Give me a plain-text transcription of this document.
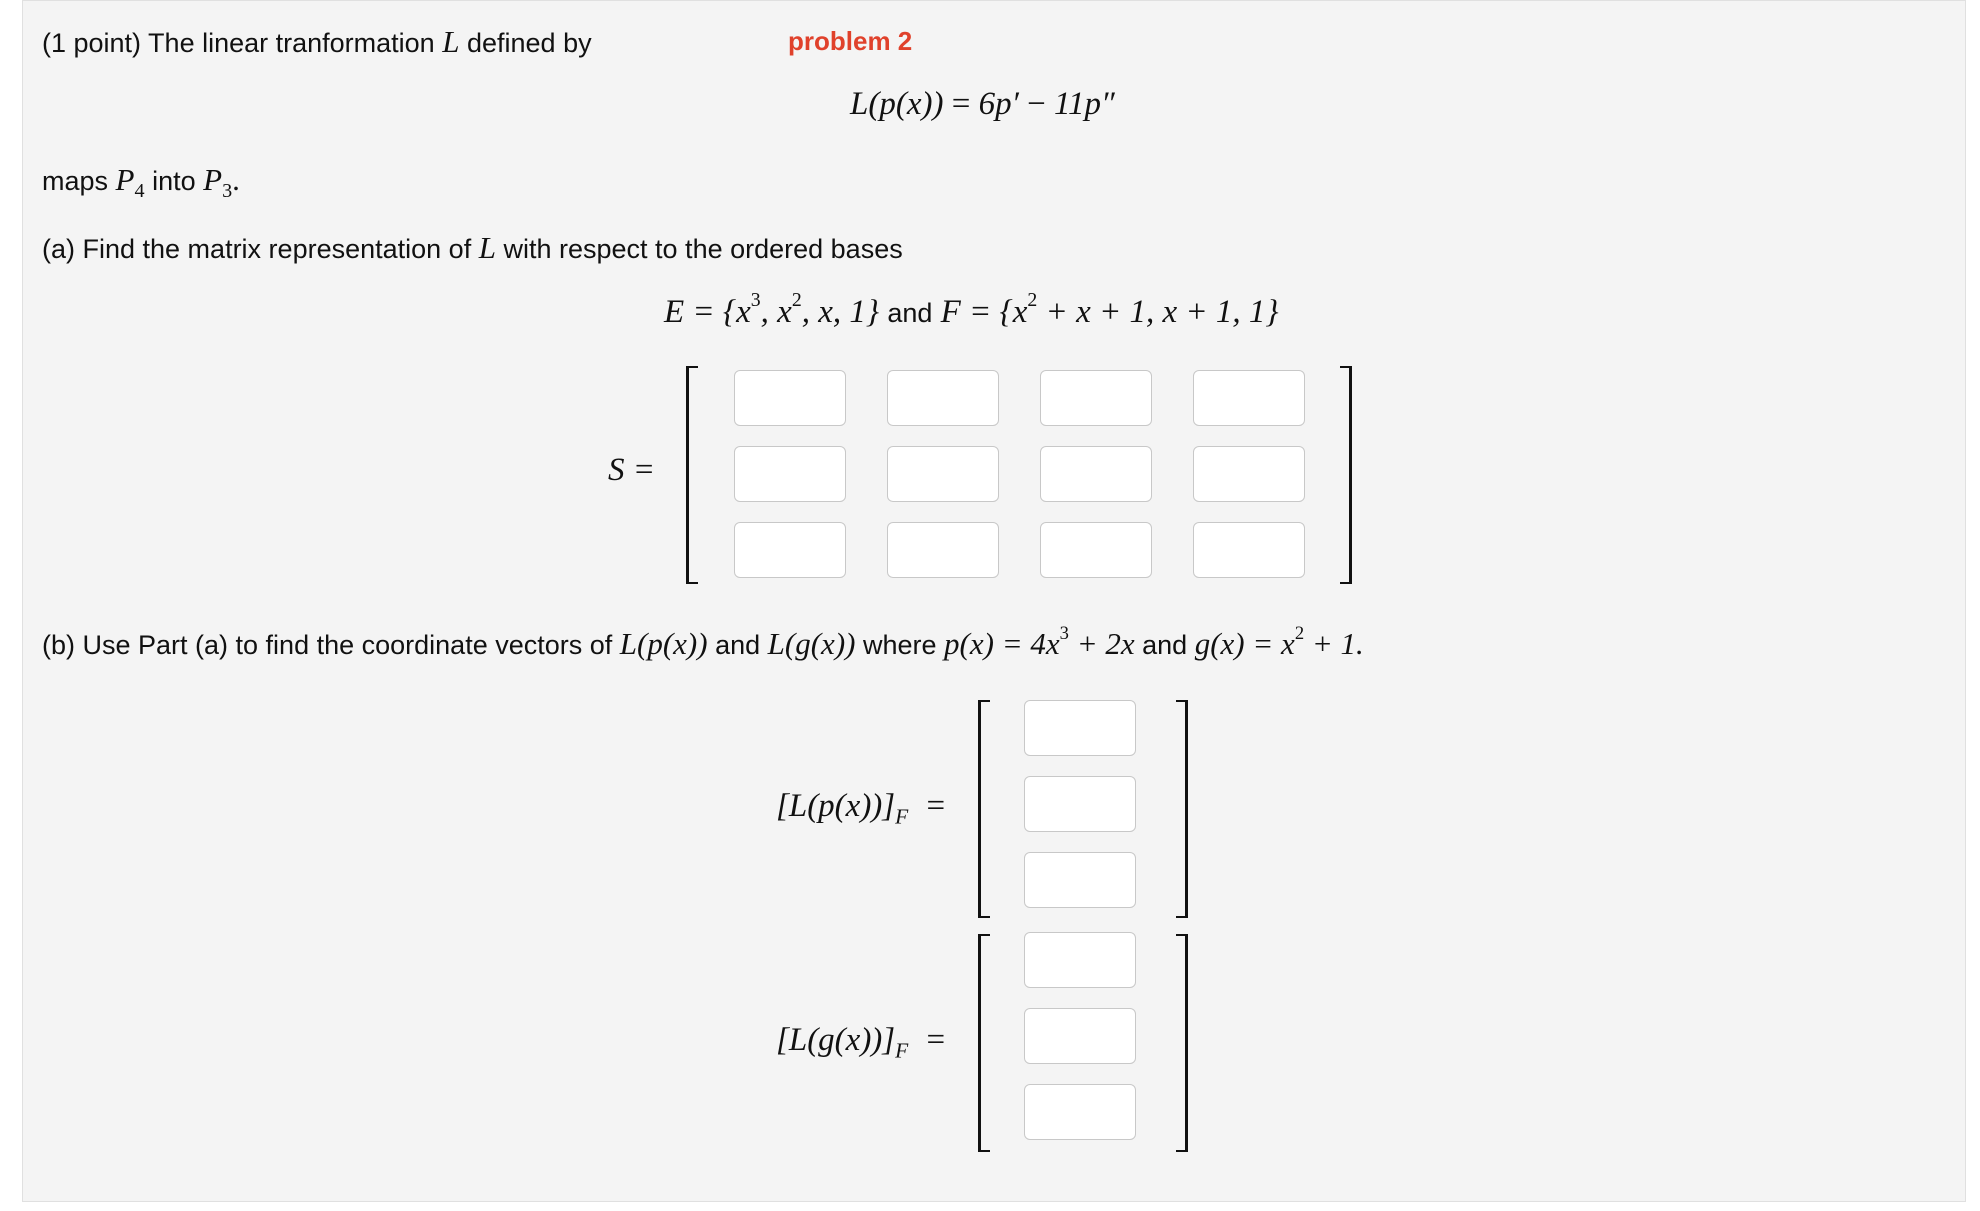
(1 point) The linear tranformation L defined by	problem 2
L(p(x)) = 6p′ − 11p″
maps $P_4$ into $P_3$.
(a) Find the matrix representation of L with respect to the ordered bases
$E = \{x^3$, $x^2$, x, 1} and $F = \{x^2 + x + 1$, x + 1, 1}
S =
(b) Use Part (a) to find the coordinate vectors of L(p(x)) and L(g(x)) where $p(x) = 4x^3 + 2x$ and $g(x) = x^2 + 1$.
$[L(p(x))]_F$ =
$[L(g(x))]_F$ =
